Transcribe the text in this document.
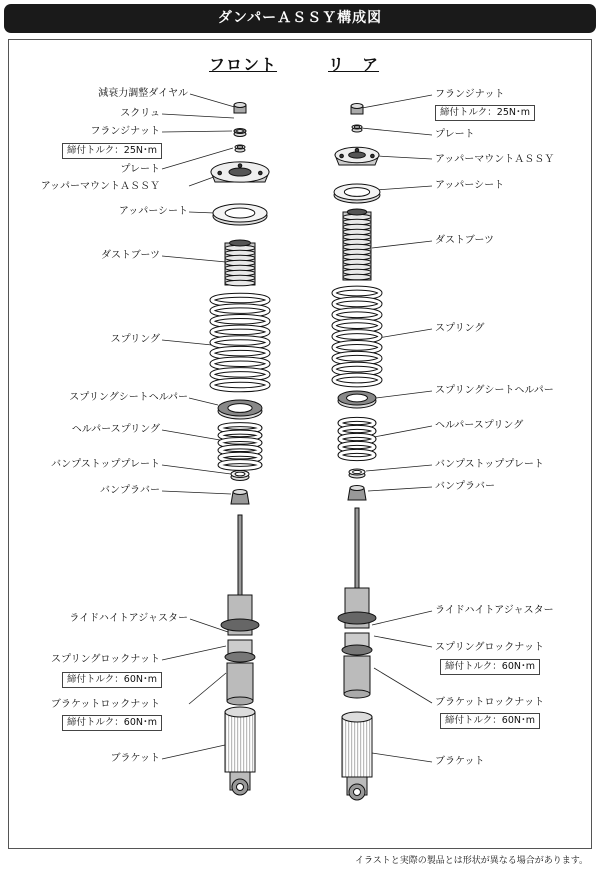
ダンパーＡＳＳＹ構成図
フロント	リ　ア
減衰力調整ダイヤル
スクリュ
フランジナット
締付トルク：25N･m
プレート
アッパーマウントＡＳＳＹ
アッパーシート
ダストブーツ
スプリング
スプリングシートヘルパー
ヘルパースプリング
バンプストッププレート
バンプラバー
ライドハイトアジャスター
スプリングロックナット
締付トルク：60N･m
ブラケットロックナット
締付トルク：60N･m
ブラケット
フランジナット
締付トルク：25N･m
プレート
アッパーマウントＡＳＳＹ
アッパーシート
ダストブーツ
スプリング
スプリングシートヘルパー
ヘルパースプリング
バンプストッププレート
バンプラバー
ライドハイトアジャスター
スプリングロックナット
締付トルク：60N･m
ブラケットロックナット
締付トルク：60N･m
ブラケット
イラストと実際の製品とは形状が異なる場合があります。
